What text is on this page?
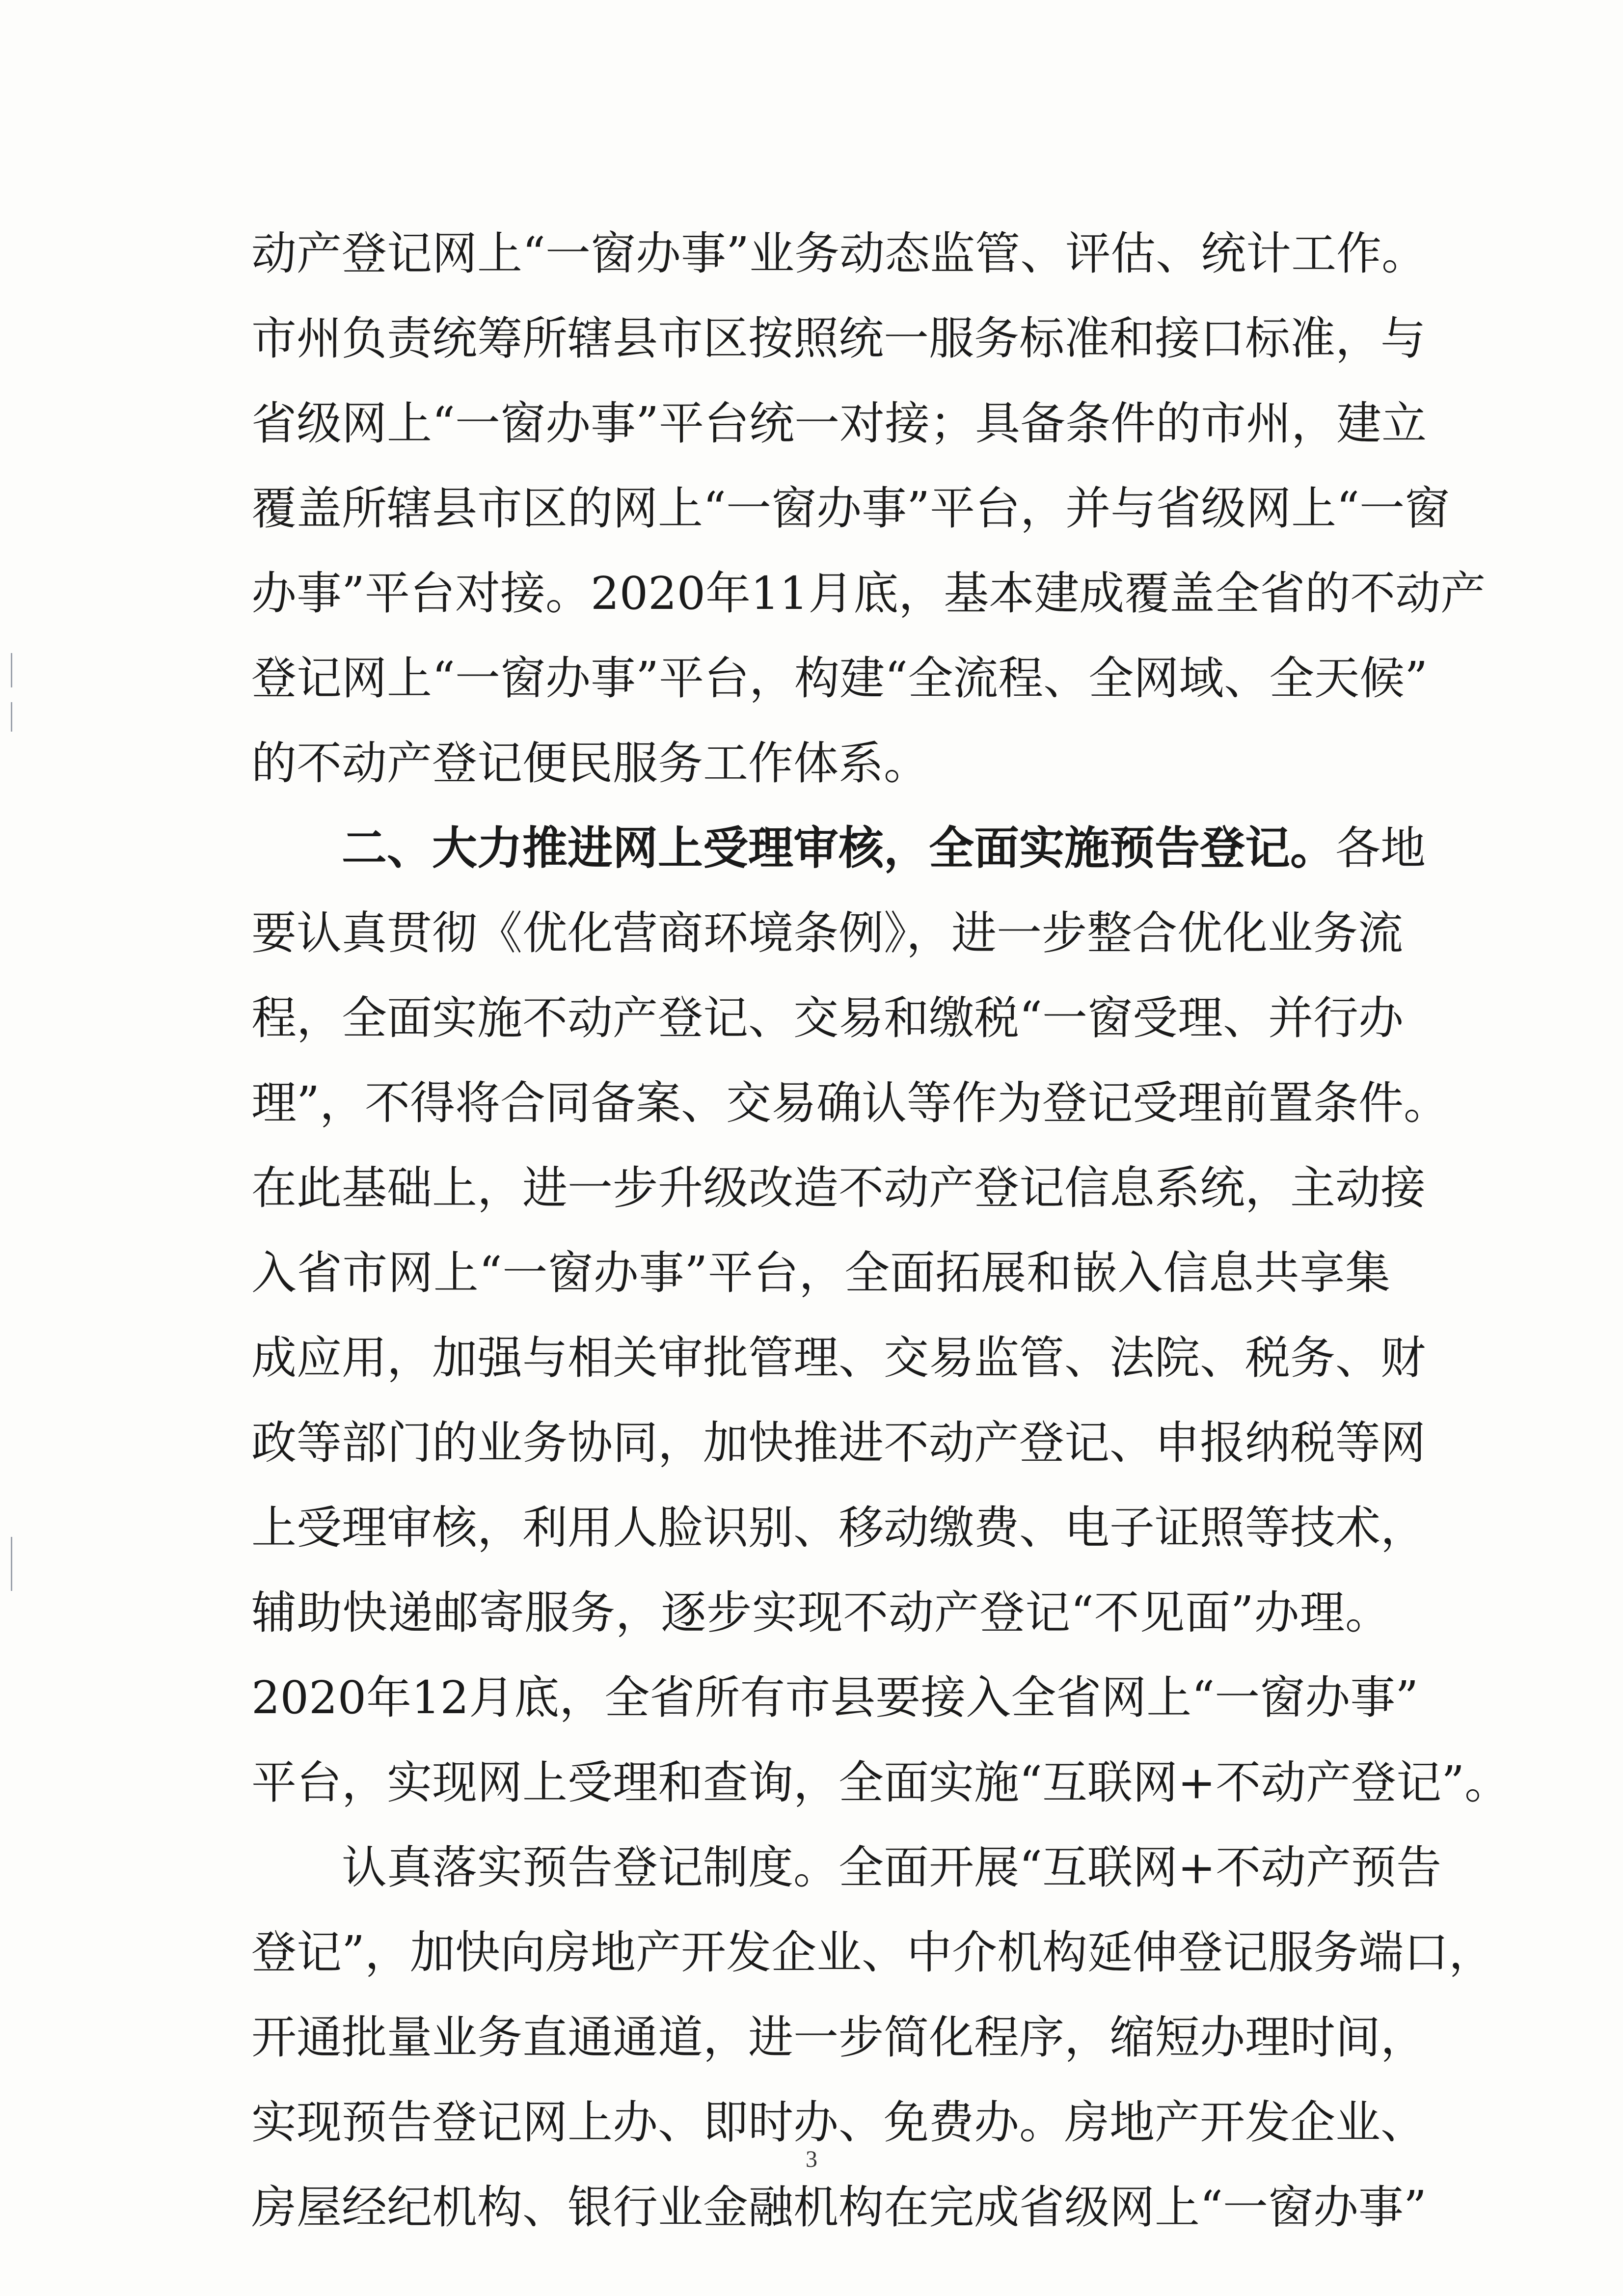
动产登记网上“一窗办事”业务动态监管、评估、统计工作。
市州负责统筹所辖县市区按照统一服务标准和接口标准，与
省级网上“一窗办事”平台统一对接；具备条件的市州，建立
覆盖所辖县市区的网上“一窗办事”平台，并与省级网上“一窗
办事”平台对接。2020年11月底，基本建成覆盖全省的不动产
登记网上“一窗办事”平台，构建“全流程、全网域、全天候”
的不动产登记便民服务工作体系。
二、大力推进网上受理审核，全面实施预告登记。各地
要认真贯彻《优化营商环境条例》，进一步整合优化业务流
程，全面实施不动产登记、交易和缴税“一窗受理、并行办
理”，不得将合同备案、交易确认等作为登记受理前置条件。
在此基础上，进一步升级改造不动产登记信息系统，主动接
入省市网上“一窗办事”平台，全面拓展和嵌入信息共享集
成应用，加强与相关审批管理、交易监管、法院、税务、财
政等部门的业务协同，加快推进不动产登记、申报纳税等网
上受理审核，利用人脸识别、移动缴费、电子证照等技术，
辅助快递邮寄服务，逐步实现不动产登记“不见面”办理。
2020年12月底，全省所有市县要接入全省网上“一窗办事”
平台，实现网上受理和查询，全面实施“互联网+不动产登记”。
认真落实预告登记制度。全面开展“互联网+不动产预告
登记”，加快向房地产开发企业、中介机构延伸登记服务端口，
开通批量业务直通通道，进一步简化程序，缩短办理时间，
实现预告登记网上办、即时办、免费办。房地产开发企业、
房屋经纪机构、银行业金融机构在完成省级网上“一窗办事”
3
